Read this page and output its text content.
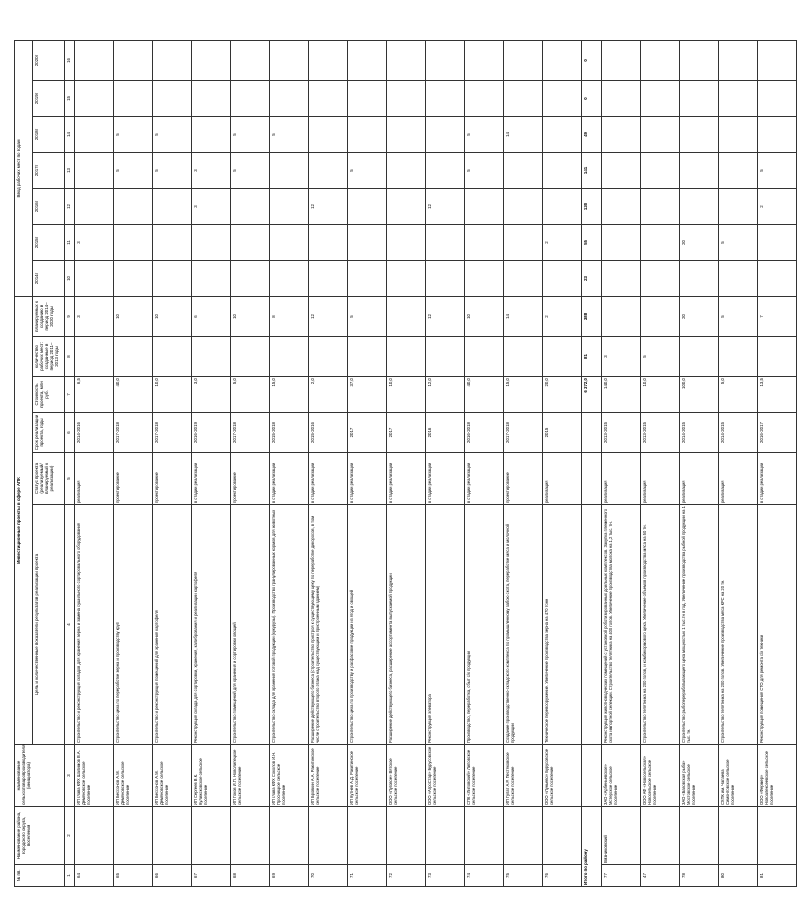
№ пп.	Наименование района, городского округа, поселения	наименование сельхозтоваропроизводителя (инициатора)	Инвестиционные проекты в сфере АПК						Ввод рабочих мест по годам						
			Цель и количественные показатели результатов реализации проекта	Статус проекта (реализуемый/планируемый к реализации)	Срок реализации проекта, годы	Стоимость проекта, млн руб.	количество рабочих мест: созданные в период 2011–2013 годы	планируемых к созданию в период 2014–2020 годы	2014г	2015г	2016г	2017г	2018г	2019г	2020г
1	2	3	4	5	6	7	8	9	10	11	12	13	14	15	16
64		ИП глава КФХ Шалимов В.А. Демяновское сельское поселение	Строительство и реконструкция складов для хранения зерна и замена сушильного сортировального оборудования	реализация	2014-2016	6,5		3		3					
65		ИП Бессонов А.М. Демяновское сельское поселение	Строительство цеха по переработке зерна и производству круп	проектирование	2017-2018	40,0		10				5	5		
66		ИП Бессонов А.М. Демяновское сельское поселение	Строительство и реконструкция помещений для хранения картофеля	проектирование	2017-2018	10,0		10				5	5		
67		ИП Сергеев В.К. Кулижсковское сельское поселение	Реконструкция склада для сортировки, хранения, калибрования и реализации картофеля	в стадии реализации	2016-2019	3,0		6			3	3			
68		ИП Гоков И.П. Новолипецкое сельское поселение	Строительство помещений для хранения и сортировки овощей	проектирование	2017-2018	5,0		10				5	5		
69		ИП глава КФХ Соколов И.Н. Просницкое сельское поселение	Строительство склада для хранения готовой продукции (кукурузы). Производство гранулированных кормов для животных	в стадии реализации	2015-2018	15,0		8					5		
70		ИП Бровкин А.А. Ракитинское сельское поселение	Расширение действующего бизнеса (строительство пристроя к существующему цеху по переработке дикоросов, в том числе строительство второго этажа над существующим и пристроенным зданием)	в стадии реализации	2015-2016	2,0		12			12				
71		ИП Кутнев А.Д. Ракитинское сельское поселение	Строительство цеха по производству и расфасовке продукции из ягод и овощей	в стадии реализации	2017	37,0		5				5			
72		ООО «Луговое» Вятское сельское поселение	Расширение действующего бизнеса, расширение ассортимента выпускаемой продукции	в стадии реализации	2017	10,0									
73		ООО «АгроСтар» Бурусовское сельское поселение	Реконструкция элеватора	в стадии реализации	2016	12,0		12			12				
74		СПК «Липовский» Липовское сельское поселение	Производство, переработка, сбыт с/х продукции	в стадии реализации	2016-2018	40,0		10				5	5		
75		ИП Гулат А.Р. Пестяковское сельское поселение	Создание производственно-складского комплекса по промышленному забою скота, переработке мяса и молочной продукции	проектирование	2017-2018	15,0		14					14		
76		ООО «Луньево» Бурусовское сельское поселение	Техническое перевооружение. Увеличение производства зерна на 470 тонн	реализация	2015	20,0		2		2					
Итого по району						6 372,0	81	388	23	55	130	141	49	0	0
77	Вязниковский	ЗАО «Арбеньевское» Мстерское сельское поселение	Реконструкция животноводческих помещений с установкой роботизированных доильных комплексов. Закупка племенного скота импортной селекции. Строительство телятника на 400 голов. Увеличение производства молока на 1,2 тыс. тн.	реализация	2013-2015	140,0	3								
47		ООО АФ «Новосельская» Новосельское сельское поселение	Строительство телятника на 200 голов, и комбикормового цеха. Увеличение объемов производства мяса на 50 тн.	реализация	2013-2015	10,0	5								
78		ЗАО «Базовская рыба» Мостовское сельское поселение	Строительство рыбоперерабатывающего цеха мощностью 1 тыс.тн в год. Увеличение производства рыбной продукции на 1 тыс. тн.	реализация	2014-2015	100,0		20		20					
80		СХПК им. Чапаева Симонтовское сельское поселение	Строительство телятника на 200 голов. Увеличение производства мяса КРС на 20 тн.	реализация	2014-2015	5,0		5		5					
81		ООО «Фермер» Новоалексеевское сельское поселение	Реконструкция помещения СТО для ремонта с/х техники	в стадии реализации	2016-2017	13,5		7			2	5			
